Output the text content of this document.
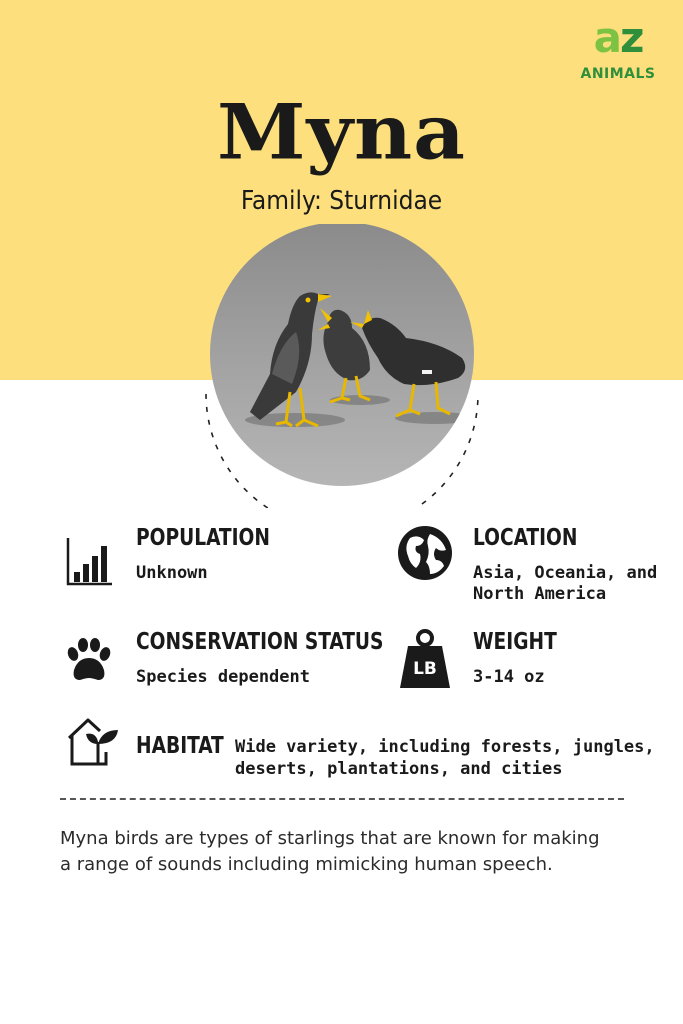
az
ANIMALS
Myna
Family: Sturnidae
POPULATION
Unknown
LOCATION
Asia, Oceania, and
North America
CONSERVATION STATUS
Species dependent	LB
WEIGHT
3-14 oz
HABITAT Wide variety, including forests, jungles,
deserts, plantations, and cities
Myna birds are types of starlings that are known for making
a range of sounds including mimicking human speech.
